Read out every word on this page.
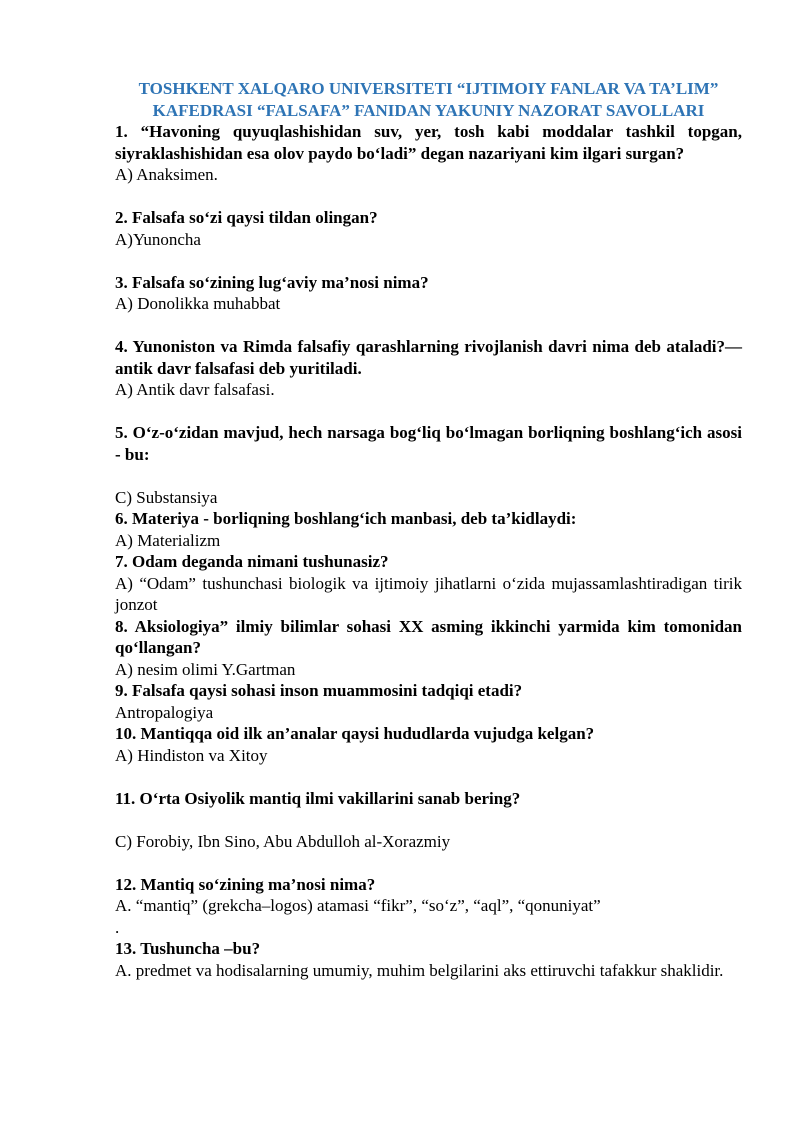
TOSHKENT XALQARO UNIVERSITETI “IJTIMOIY FANLAR VA TA’LIM” KAFEDRASI “FALSAFA” FANIDAN YAKUNIY NAZORAT SAVOLLARI

1. “Havoning quyuqlashishidan suv, yer, tosh kabi moddalar tashkil topgan, siyraklashishidan esa olov paydo bo‘ladi” degan nazariyani kim ilgari surgan?

A) Anaksimen.

2. Falsafa so‘zi qaysi tildan olingan?

A)Yunoncha

3. Falsafa so‘zining lug‘aviy ma’nosi nima?

A) Donolikka muhabbat

4. Yunoniston va Rimda falsafiy qarashlarning rivojlanish davri nima deb ataladi?— antik davr falsafasi deb yuritiladi.

A) Antik davr falsafasi.

5. O‘z-o‘zidan mavjud, hech narsaga bog‘liq bo‘lmagan borliqning boshlang‘ich asosi - bu:

C) Substansiya

6. Materiya - borliqning boshlang‘ich manbasi, deb ta’kidlaydi:

A) Materializm

7. Odam deganda nimani tushunasiz?

A) “Odam” tushunchasi biologik va ijtimoiy jihatlarni o‘zida mujassamlashtiradigan tirik jonzot

8. Aksiologiya” ilmiy bilimlar sohasi XX asming ikkinchi yarmida kim tomonidan qo‘llangan?

A) nesim olimi Y.Gartman

9. Falsafa qaysi sohasi inson muammosini tadqiqi etadi?

Antropalogiya

10. Mantiqqa oid ilk an’analar qaysi hududlarda vujudga kelgan?

A) Hindiston va Xitoy

11. O‘rta Osiyolik mantiq ilmi vakillarini sanab bering?

C) Forobiy, Ibn Sino, Abu Abdulloh al-Xorazmiy

12. Mantiq so‘zining ma’nosi nima?

A. “mantiq” (grekcha–logos) atamasi “fikr”, “so‘z”, “aql”, “qonuniyat”

.

13. Tushuncha –bu?

A. predmet va hodisalarning umumiy, muhim belgilarini aks ettiruvchi tafakkur shaklidir.
